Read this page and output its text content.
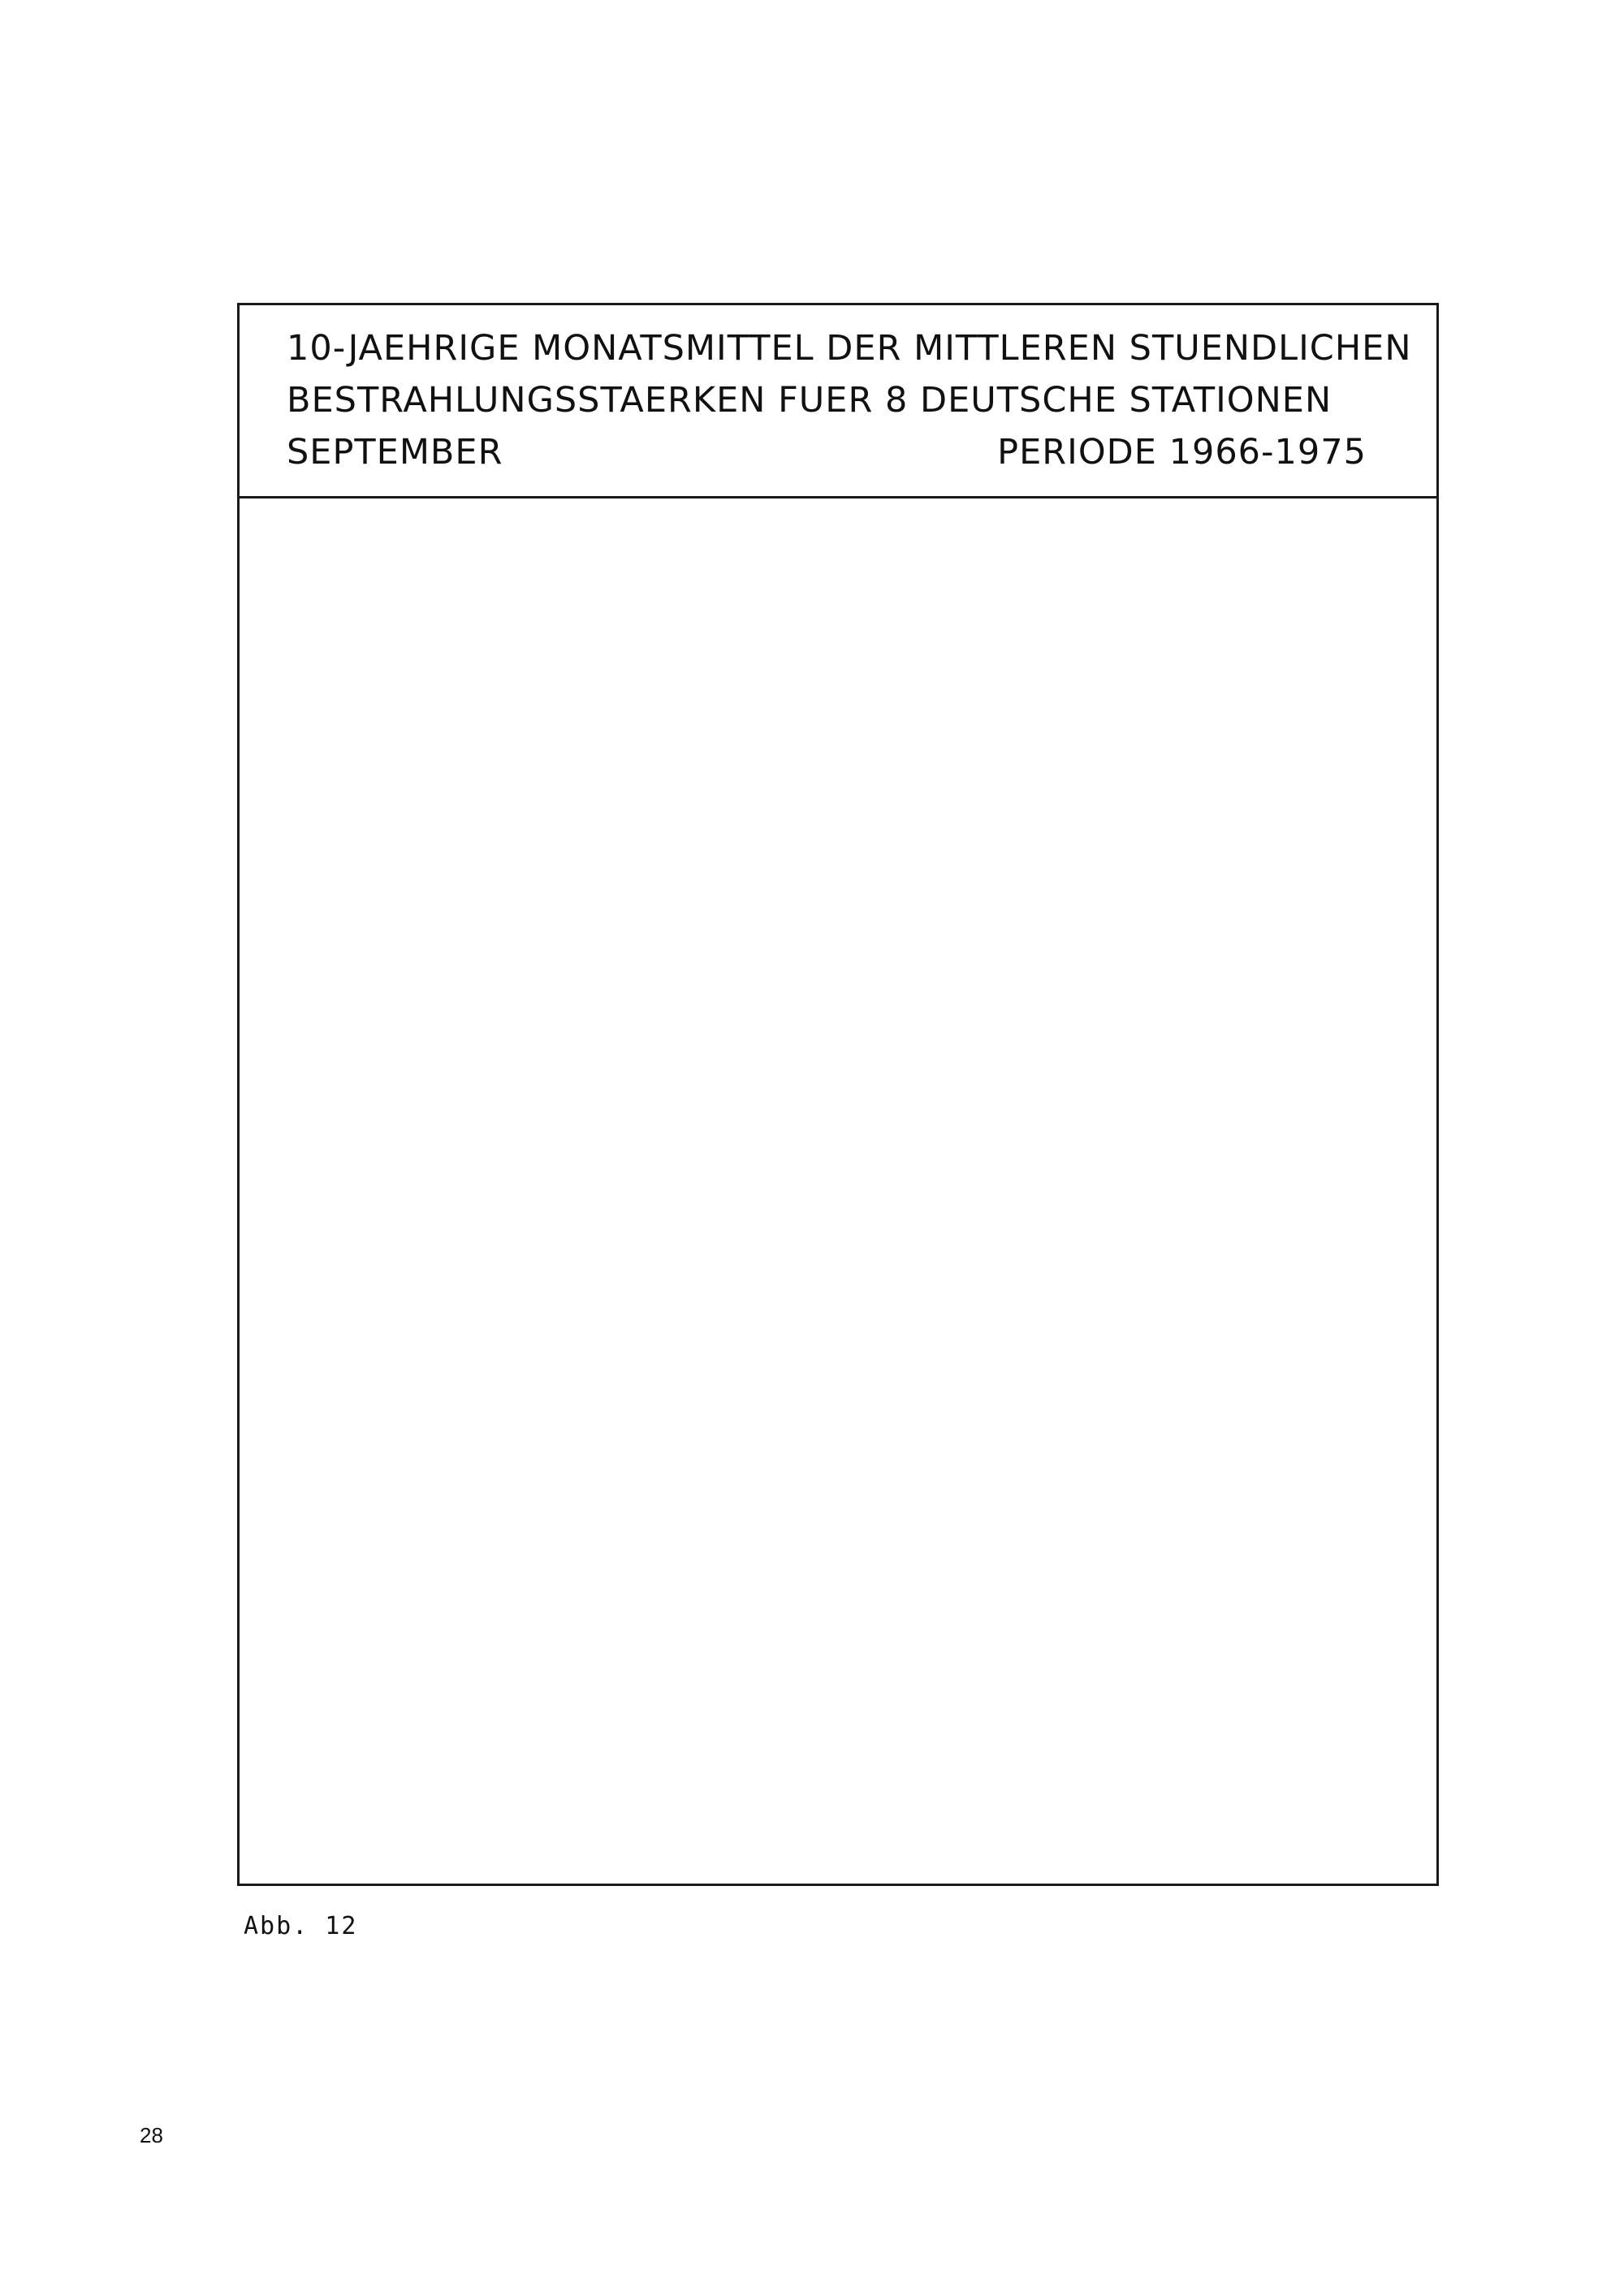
10-JAEHRIGE MONATSMITTEL DER MITTLEREN STUENDLICHEN
BESTRAHLUNGSSTAERKEN FUER 8 DEUTSCHE STATIONEN
SEPTEMBER	PERIODE 1966-1975
Abb. 12
28
